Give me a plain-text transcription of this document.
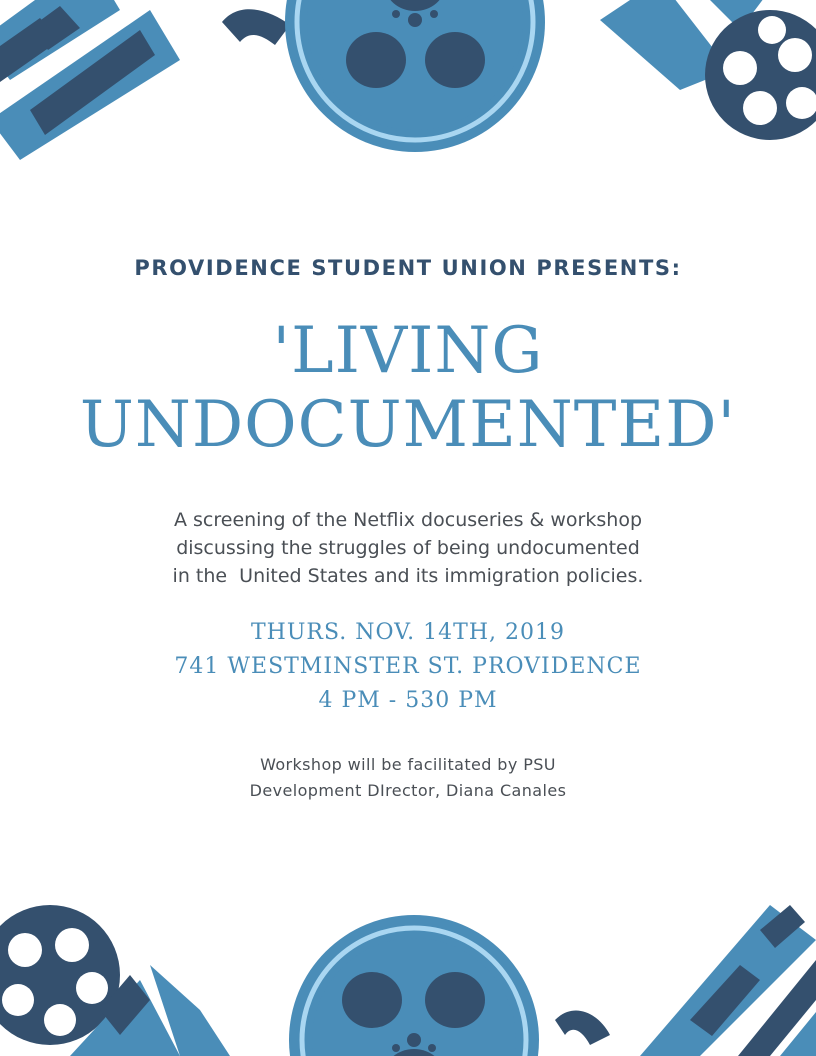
PROVIDENCE STUDENT UNION PRESENTS:
'LIVING
UNDOCUMENTED'
A screening of the Netflix docuseries & workshop
discussing the struggles of being undocumented
in the  United States and its immigration policies.
THURS. NOV. 14TH, 2019
741 WESTMINSTER ST. PROVIDENCE
4 PM - 530 PM
Workshop will be facilitated by PSU
Development DIrector, Diana Canales
